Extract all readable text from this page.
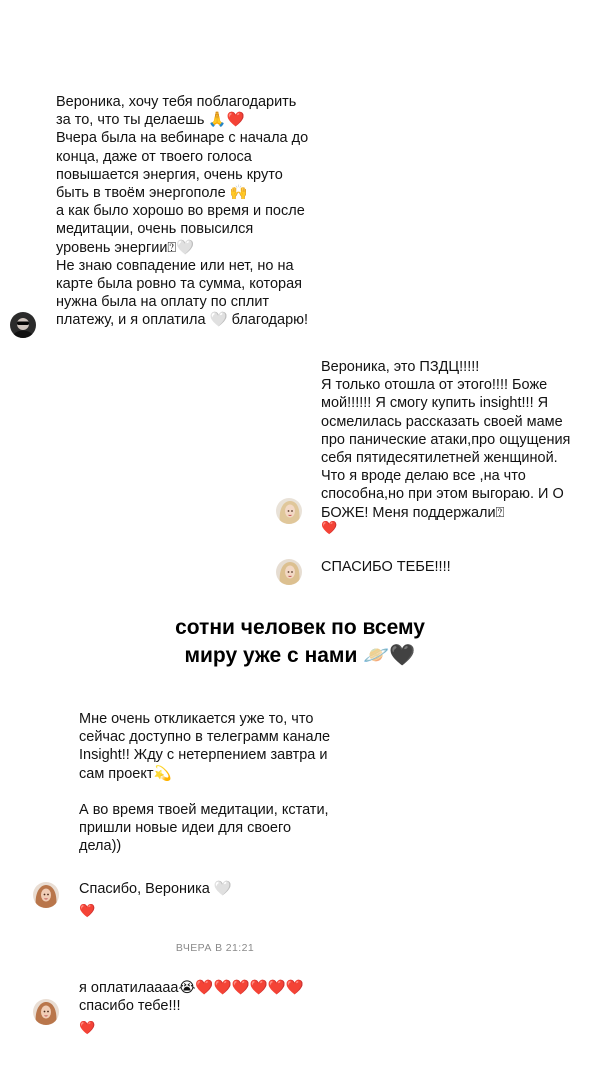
Вероника, хочу тебя поблагодарить
за то, что ты делаешь 🙏❤️
Вчера была на вебинаре с начала до
конца, даже от твоего голоса
повышается энергия, очень круто
быть в твоём энергополе 🙌
а как было хорошо во время и после
медитации, очень повысился
уровень энергии⍰🤍
Не знаю совпадение или нет, но на
карте была ровно та сумма, которая
нужна была на оплату по сплит
платежу, и я оплатила 🤍 благодарю!
Вероника, это ПЗДЦ!!!!!
Я только отошла от этого!!!! Боже
мой!!!!!! Я смогу купить insight!!! Я
осмелилась рассказать своей маме
про панические атаки,про ощущения
себя пятидесятилетней женщиной.
Что я вроде делаю все ,на что
способна,но при этом выгораю. И О
БОЖЕ! Меня поддержали⍰
❤️
СПАСИБО ТЕБЕ!!!!
сотни человек по всему
миру уже с нами 🪐🖤
Мне очень откликается уже то, что
сейчас доступно в телеграмм канале
Insight!! Жду с нетерпением завтра и
сам проект💫

А во время твоей медитации, кстати,
пришли новые идеи для своего
дела))
Спасибо, Вероника 🤍
❤️
ВЧЕРА В 21:21
я оплатилаааа😭❤️❤️❤️❤️❤️❤️
спасибо тебе!!!
❤️
